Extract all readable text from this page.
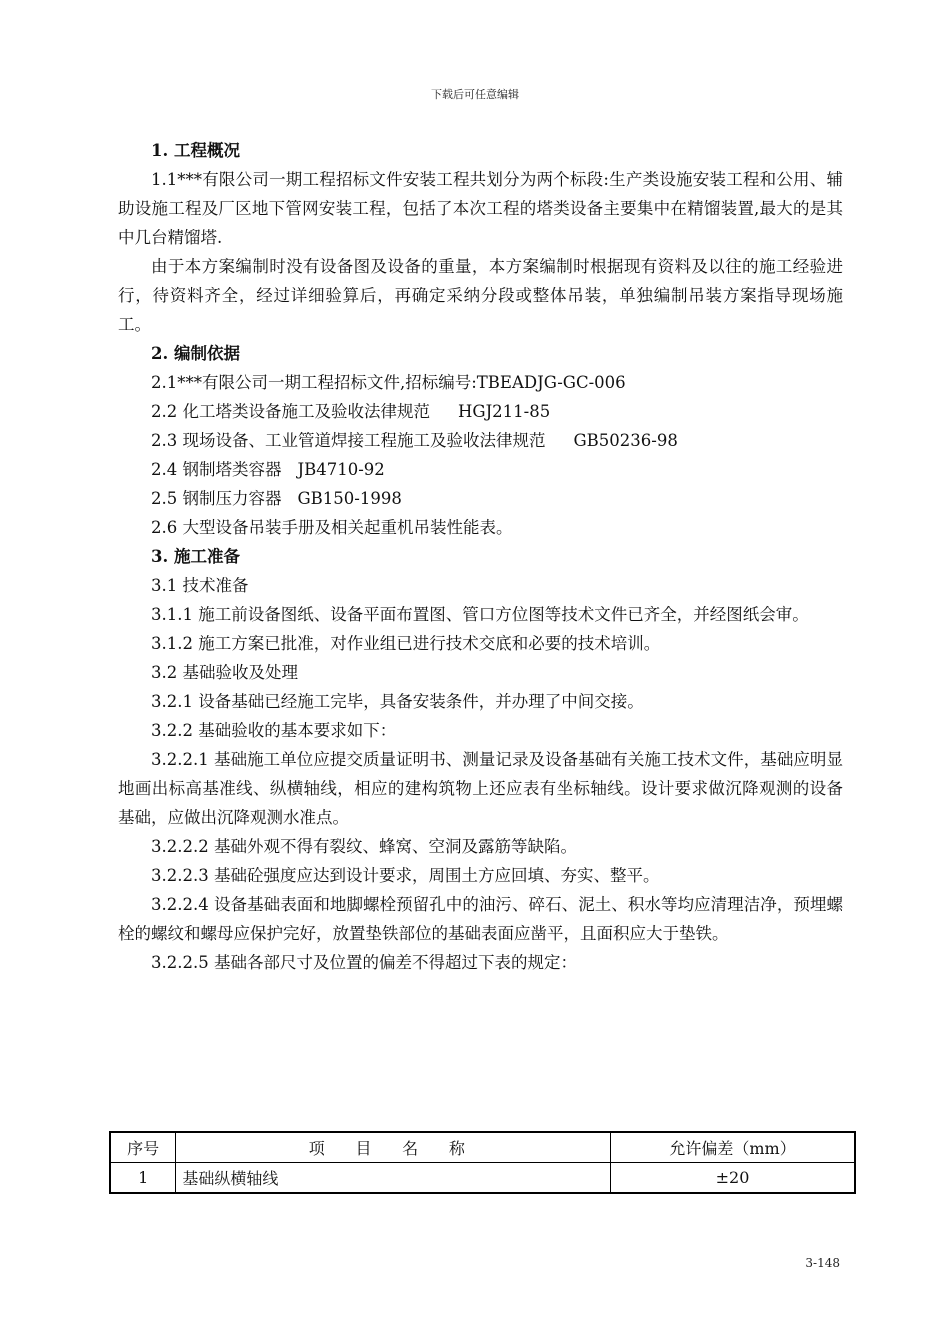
下载后可任意编辑

1. 工程概况

1.1***有限公司一期工程招标文件安装工程共划分为两个标段:生产类设施安装工程和公用、辅助设施工程及厂区地下管网安装工程，包括了本次工程的塔类设备主要集中在精馏装置,最大的是其中几台精馏塔.

由于本方案编制时没有设备图及设备的重量，本方案编制时根据现有资料及以往的施工经验进行，待资料齐全，经过详细验算后，再确定采纳分段或整体吊装，单独编制吊装方案指导现场施工。

2. 编制依据

2.1***有限公司一期工程招标文件,招标编号:TBEADJG-GC-006

2.2 化工塔类设备施工及验收法律规范 HGJ211-85

2.3 现场设备、工业管道焊接工程施工及验收法律规范 GB50236-98

2.4 钢制塔类容器 JB4710-92

2.5 钢制压力容器 GB150-1998

2.6 大型设备吊装手册及相关起重机吊装性能表。

3. 施工准备

3.1 技术准备

3.1.1 施工前设备图纸、设备平面布置图、管口方位图等技术文件已齐全，并经图纸会审。

3.1.2 施工方案已批准，对作业组已进行技术交底和必要的技术培训。

3.2 基础验收及处理

3.2.1 设备基础已经施工完毕，具备安装条件，并办理了中间交接。

3.2.2 基础验收的基本要求如下：

3.2.2.1 基础施工单位应提交质量证明书、测量记录及设备基础有关施工技术文件，基础应明显地画出标高基准线、纵横轴线，相应的建构筑物上还应表有坐标轴线。设计要求做沉降观测的设备基础，应做出沉降观测水准点。

3.2.2.2 基础外观不得有裂纹、蜂窝、空洞及露筋等缺陷。

3.2.2.3 基础砼强度应达到设计要求，周围土方应回填、夯实、整平。

3.2.2.4 设备基础表面和地脚螺栓预留孔中的油污、碎石、泥土、积水等均应清理洁净，预埋螺栓的螺纹和螺母应保护完好，放置垫铁部位的基础表面应凿平，且面积应大于垫铁。

3.2.2.5 基础各部尺寸及位置的偏差不得超过下表的规定：

序号	项 目 名 称	允许偏差（mm）
1	基础纵横轴线	±20
3-148
